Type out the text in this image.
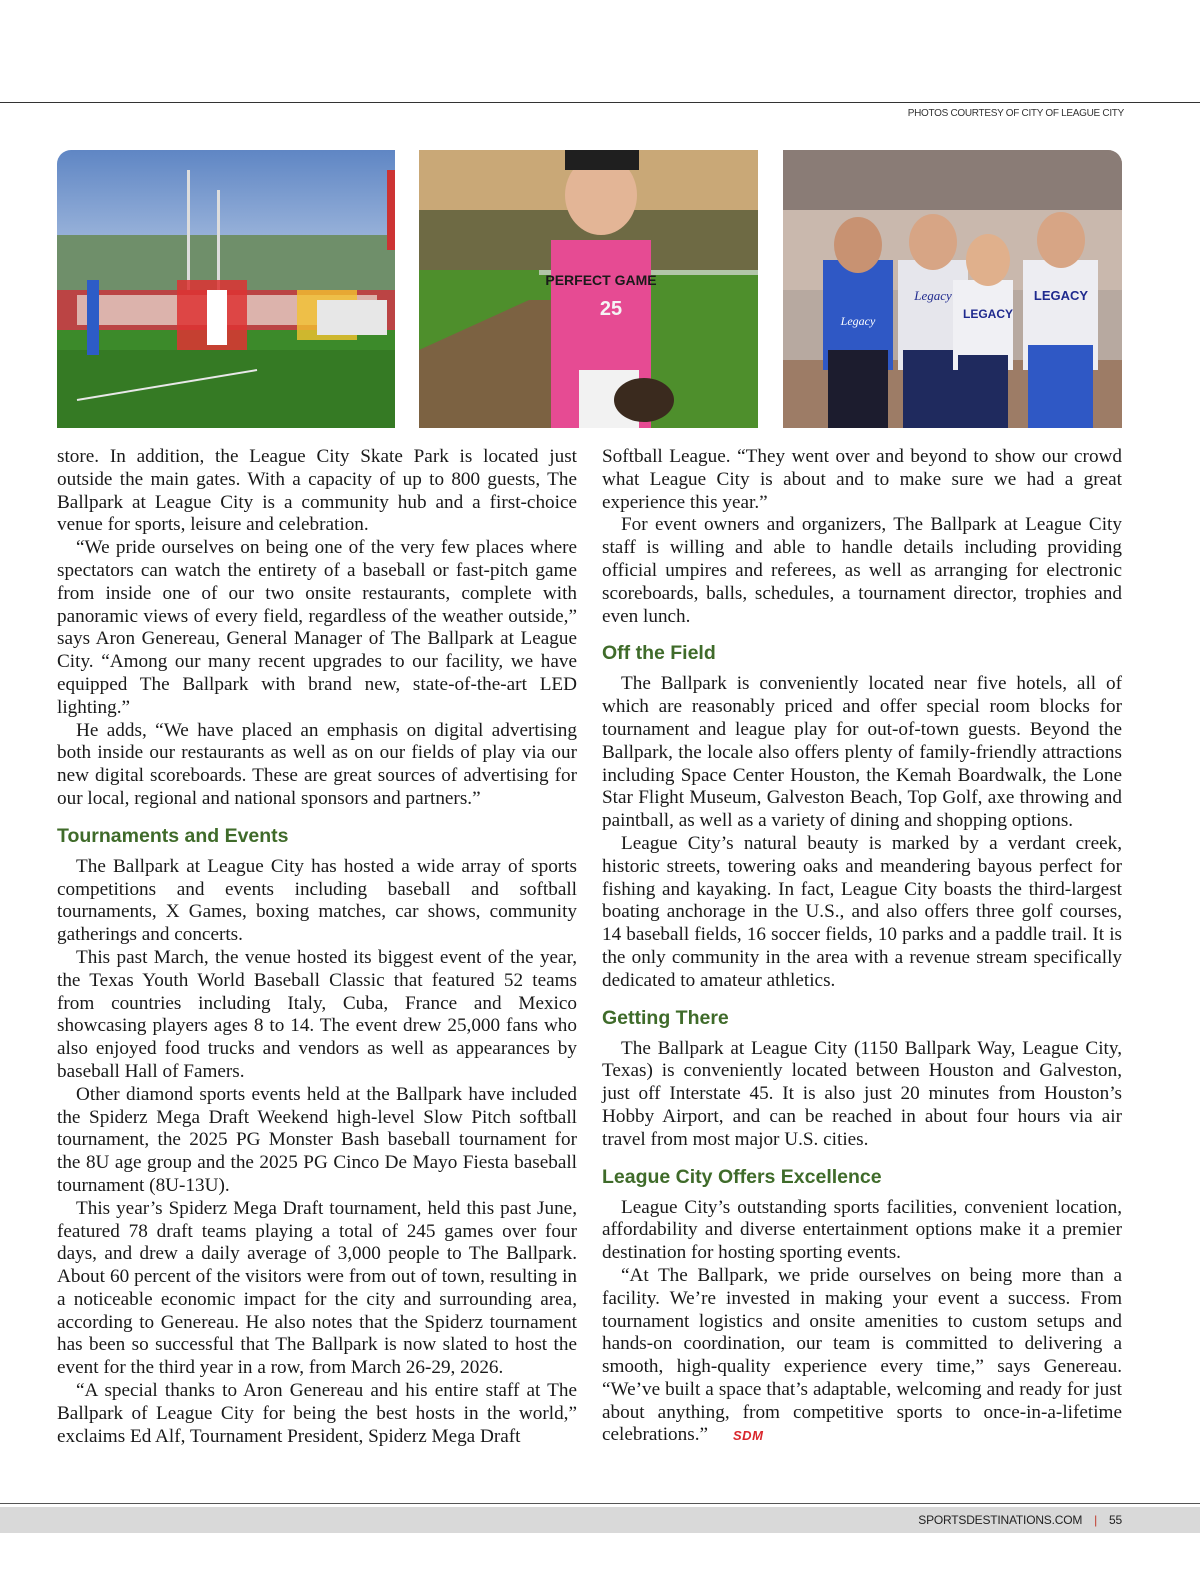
PHOTOS COURTESY OF CITY OF LEAGUE CITY
PERFECT GAME
25
Legacy
Legacy
LEGACY
LEGACY

store. In addition, the League City Skate Park is located just outside the main gates. With a capacity of up to 800 guests, The Ballpark at League City is a community hub and a first-choice venue for sports, leisure and celebration.

“We pride ourselves on being one of the very few places where spectators can watch the entirety of a baseball or fast-pitch game from inside one of our two onsite restaurants, complete with panoramic views of every field, regardless of the weather outside,” says Aron Genereau, General Manager of The Ballpark at League City. “Among our many recent upgrades to our facility, we have equipped The Ballpark with brand new, state-of-the-art LED lighting.”

He adds, “We have placed an emphasis on digital advertising both inside our restaurants as well as on our fields of play via our new digital scoreboards. These are great sources of advertising for our local, regional and national sponsors and partners.”

Tournaments and Events

The Ballpark at League City has hosted a wide array of sports competitions and events including baseball and softball tournaments, X Games, boxing matches, car shows, community gatherings and concerts.

This past March, the venue hosted its biggest event of the year, the Texas Youth World Baseball Classic that featured 52 teams from countries including Italy, Cuba, France and Mexico showcasing players ages 8 to 14. The event drew 25,000 fans who also enjoyed food trucks and vendors as well as appearances by baseball Hall of Famers.

Other diamond sports events held at the Ballpark have included the Spiderz Mega Draft Weekend high-level Slow Pitch softball tournament, the 2025 PG Monster Bash baseball tournament for the 8U age group and the 2025 PG Cinco De Mayo Fiesta baseball tournament (8U-13U).

This year’s Spiderz Mega Draft tournament, held this past June, featured 78 draft teams playing a total of 245 games over four days, and drew a daily average of 3,000 people to The Ballpark. About 60 percent of the visitors were from out of town, resulting in a noticeable economic impact for the city and surrounding area, according to Genereau. He also notes that the Spiderz tournament has been so successful that The Ballpark is now slated to host the event for the third year in a row, from March 26-29, 2026.

“A special thanks to Aron Genereau and his entire staff at The Ballpark of League City for being the best hosts in the world,” exclaims Ed Alf, Tournament President, Spiderz Mega Draft

Softball League. “They went over and beyond to show our crowd what League City is about and to make sure we had a great experience this year.”

For event owners and organizers, The Ballpark at League City staff is willing and able to handle details including providing official umpires and referees, as well as arranging for electronic scoreboards, balls, schedules, a tournament director, trophies and even lunch.

Off the Field

The Ballpark is conveniently located near five hotels, all of which are reasonably priced and offer special room blocks for tournament and league play for out-of-town guests. Beyond the Ballpark, the locale also offers plenty of family-friendly attractions including Space Center Houston, the Kemah Boardwalk, the Lone Star Flight Museum, Galveston Beach, Top Golf, axe throwing and paintball, as well as a variety of dining and shopping options.

League City’s natural beauty is marked by a verdant creek, historic streets, towering oaks and meandering bayous perfect for fishing and kayaking. In fact, League City boasts the third-largest boating anchorage in the U.S., and also offers three golf courses, 14 baseball fields, 16 soccer fields, 10 parks and a paddle trail. It is the only community in the area with a revenue stream specifically dedicated to amateur athletics.

Getting There

The Ballpark at League City (1150 Ballpark Way, League City, Texas) is conveniently located between Houston and Galveston, just off Interstate 45. It is also just 20 minutes from Houston’s Hobby Airport, and can be reached in about four hours via air travel from most major U.S. cities.

League City Offers Excellence

League City’s outstanding sports facilities, convenient location, affordability and diverse entertainment options make it a premier destination for hosting sporting events.

“At The Ballpark, we pride ourselves on being more than a facility. We’re invested in making your event a success. From tournament logistics and onsite amenities to custom setups and hands-on coordination, our team is committed to delivering a smooth, high-quality experience every time,” says Genereau. “We’ve built a space that’s adaptable, welcoming and ready for just about anything, from competitive sports to once-in-a-lifetime celebrations.” SDM

SPORTSDESTINATIONS.COM | 55
